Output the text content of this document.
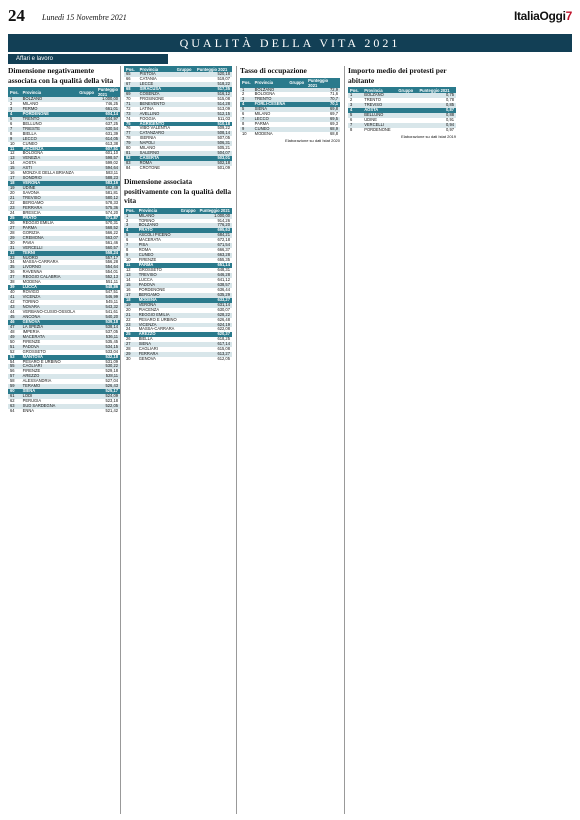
24 Lunedì 15 Novembre 2021	ItaliaOggi7
QUALITÀ DELLA VITA 2021
Affari e lavoro
Dimensione negativamente associata con la qualità della vita
Pos.	Provincia	Gruppo	Punteggio 2021
1	BOLZANO		1.000,00
2	MILANO		746,25
3	FERMO		661,01
4	PORDENONE		604,14
5	TRENTO		644,97
6	BELLUNO		637,25
7	TRIESTE		630,54
8	BIELLA		631,39
9	LECCO		614,05
10	CUNEO		613,38
11	PIACENZA		607,51
12	BOLOGNA		601,10
13	VENEZIA		598,57
14	AOSTA		599,02
15	ASTI		594,64
16	MONZA E DELLA BRIANZA		583,11
17	SONDRIO		588,23
18	VERONA		583,16
19	UDINE		582,49
20	SAVONA		581,81
21	TREVISO		580,12
22	BERGAMO		578,33
23	FERRARA		575,36
24	BRESCIA		574,20
25	PRATO		571,87
26	REGGIO EMILIA		570,31
27	PARMA		568,52
28	GORIZIA		566,22
29	CREMONA		563,07
30	PAVIA		561,46
31	VERCELLI		560,57
32	TERNI		558,24
33	NUORO		557,17
34	MASSA-CARRARA		556,28
35	LIVORNO		554,64
36	RAVENNA		554,01
37	REGGIO CALABRIA		552,13
38	MODENA		551,11
39	LUCCA		548,86
40	ROVIGO		547,51
41	VICENZA		546,99
42	TORINO		545,11
43	NOVARA		543,32
44	VERBANO-CUSIO-OSSOLA		541,61
45	ANCONA		540,20
46	GENOVA		539,18
47	LA SPEZIA		538,14
48	IMPERIA		537,05
49	MACERATA		536,11
50	FIRENZE		535,45
51	PADOVA		534,15
52	GROSSETO		533,04
53	MANTOVA		532,18
54	PESARO E URBINO		531,09
55	CAGLIARI		530,22
56	FIRENZE		529,18
57	AREZZO		528,11
58	ALESSANDRIA		527,04
59	TERAMO		526,43
60	SIENA		525,17
61	LODI		524,09
62	PERUGIA		523,18
63	SUD SARDEGNA		522,05
64	ENNA		521,42
Pos.	Provincia	Gruppo	Punteggio 2021
65	PISTOIA		520,18
66	CATANIA		519,07
67	LECCE		518,22
68	SIRACUSA		517,35
69	COSENZA		516,12
70	FROSINONE		515,08
71	BENEVENTO		514,28
72	LATINA		513,09
73	AVELLINO		512,15
74	FOGGIA		511,03
75	AGRIGENTO		510,18
76	VIBO VALENTIA		509,22
77	CATANZARO		508,14
78	ISERNIA		507,05
79	NAPOLI		506,31
80	MILANO		505,21
81	SALERNO		504,07
82	CASERTA		503,01
83	ROMA		502,18
84	CROTONE		501,09
Dimensione associata positivamente con la qualità della vita
Pos.	Provincia	Gruppo	Punteggio 2021
1	MILANO		1.000,00
2	TORINO		914,26
3	BOLZANO		776,20
4	PRATO		695,63
5	ASCOLI PICENO		684,21
6	MACERATA		672,18
7	PISA		671,54
8	ROMA		666,37
9	CUNEO		663,28
10	FIRENZE		655,35
11	PARMA		651,14
12	GROSSETO		648,31
13	TREVISO		646,28
14	LUCCA		641,12
15	PADOVA		638,57
16	PORDENONE		636,44
17	BERGAMO		635,29
18	MODENA		633,27
19	VERONA		631,14
20	PIACENZA		630,07
21	REGGIO EMILIA		628,22
22	PESARO E URBINO		626,48
23	VICENZA		624,19
24	MASSA-CARRARA		622,08
25	AREZZO		620,37
26	BIELLA		618,25
27	SIENA		617,14
28	CAGLIARI		615,08
29	FERRARA		613,27
30	GENOVA		612,05
Tasso di occupazione
Pos.	Provincia	Gruppo	Punteggio 2021
1	BOLZANO		72,9
2	BOLOGNA		71,6
3	TRENTO		70,7
4	FORLÌ-CESENA		70,1
5	SIENA		69,8
6	MILANO		69,7
7	LECCO		69,5
8	PARMA		69,3
9	CUNEO		68,9
10	MODENA		68,8
Elaborazione su dati Istat 2020
Importo medio dei protesti per abitante
Pos.	Provincia	Gruppo	Punteggio 2021
1	BOLZANO		0,75
2	TRENTO		0,78
3	TREVISO		0,85
4	AOSTA		0,87
5	BELLUNO		0,88
6	UDINE		0,91
7	VERCELLI		0,94
8	PORDENONE		0,97
Elaborazione su dati Istat 2019
